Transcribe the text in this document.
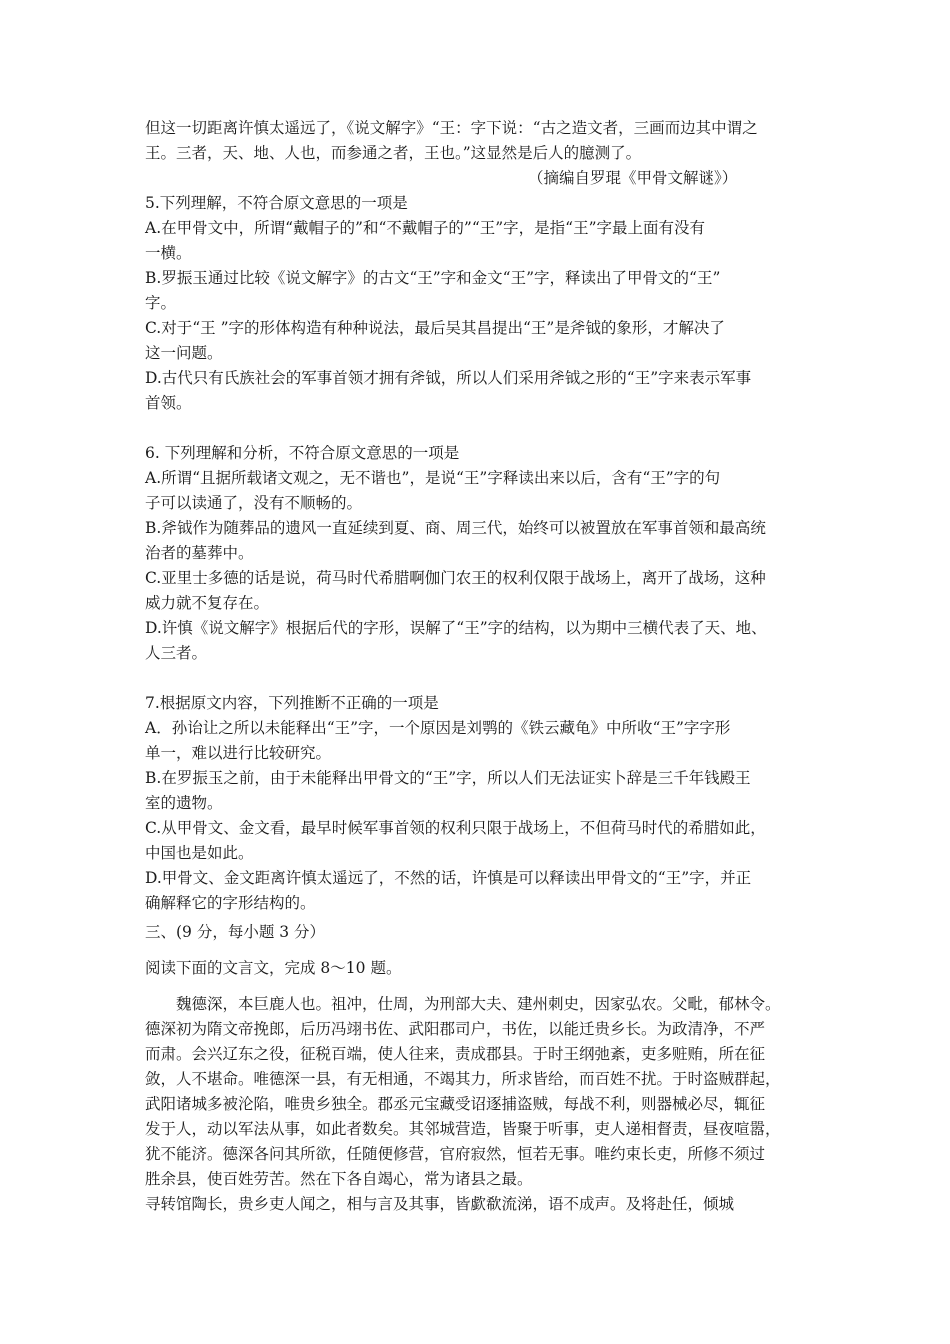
但这一切距离许慎太遥远了，《说文解字》“王：字下说：“古之造文者，三画而边其中谓之
王。三者，天、地、人也，而参通之者，王也。”这显然是后人的臆测了。
（摘编自罗琨《甲骨文解谜》）
5.下列理解，不符合原文意思的一项是
A.在甲骨文中，所谓“戴帽子的”和“不戴帽子的”“王”字，是指“王”字最上面有没有
一横。
B.罗振玉通过比较《说文解字》的古文“王”字和金文“王”字，释读出了甲骨文的“王”
字。
C.对于“王 ”字的形体构造有种种说法，最后吴其昌提出“王”是斧钺的象形，才解决了
这一问题。
D.古代只有氏族社会的军事首领才拥有斧钺，所以人们采用斧钺之形的“王”字来表示军事
首领。
6. 下列理解和分析，不符合原文意思的一项是
A.所谓“且据所载诸文观之，无不谐也”，是说“王”字释读出来以后，含有“王”字的句
子可以读通了，没有不顺畅的。
B.斧钺作为随葬品的遗风一直延续到夏、商、周三代，始终可以被置放在军事首领和最高统
治者的墓葬中。
C.亚里士多德的话是说，荷马时代希腊啊伽门农王的权利仅限于战场上，离开了战场，这种
威力就不复存在。
D.许慎《说文解字》根据后代的字形，误解了“王”字的结构，以为期中三横代表了天、地、
人三者。
7.根据原文内容，下列推断不正确的一项是
A．孙诒让之所以未能释出“王”字，一个原因是刘鹗的《铁云藏龟》中所收“王”字字形
单一，难以进行比较研究。
B.在罗振玉之前，由于未能释出甲骨文的“王”字，所以人们无法证实卜辞是三千年钱殿王
室的遗物。
C.从甲骨文、金文看，最早时候军事首领的权利只限于战场上，不但荷马时代的希腊如此，
中国也是如此。
D.甲骨文、金文距离许慎太遥远了，不然的话，许慎是可以释读出甲骨文的“王”字，并正
确解释它的字形结构的。
三、(9 分，每小题 3 分）
阅读下面的文言文，完成 8～10 题。
　　魏德深，本巨鹿人也。祖冲，仕周，为刑部大夫、建州刺史，因家弘农。父毗，郁林令。
德深初为隋文帝挽郎，后历冯翊书佐、武阳郡司户，书佐，以能迁贵乡长。为政清净，不严
而肃。会兴辽东之役，征税百端，使人往来，责成郡县。于时王纲弛紊，吏多赃贿，所在征
敛，人不堪命。唯德深一县，有无相通，不竭其力，所求皆给，而百姓不扰。于时盗贼群起，
武阳诸城多被沦陷，唯贵乡独全。郡丞元宝藏受诏逐捕盗贼，每战不利，则器械必尽，辄征
发于人，动以军法从事，如此者数矣。其邻城营造，皆聚于听事，吏人递相督责，昼夜喧嚣，
犹不能济。德深各问其所欲，任随便修营，官府寂然，恒若无事。唯约束长吏，所修不须过
胜余县，使百姓劳苦。然在下各自竭心，常为诸县之最。
寻转馆陶长，贵乡吏人闻之，相与言及其事，皆歔欷流涕，语不成声。及将赴任，倾城
